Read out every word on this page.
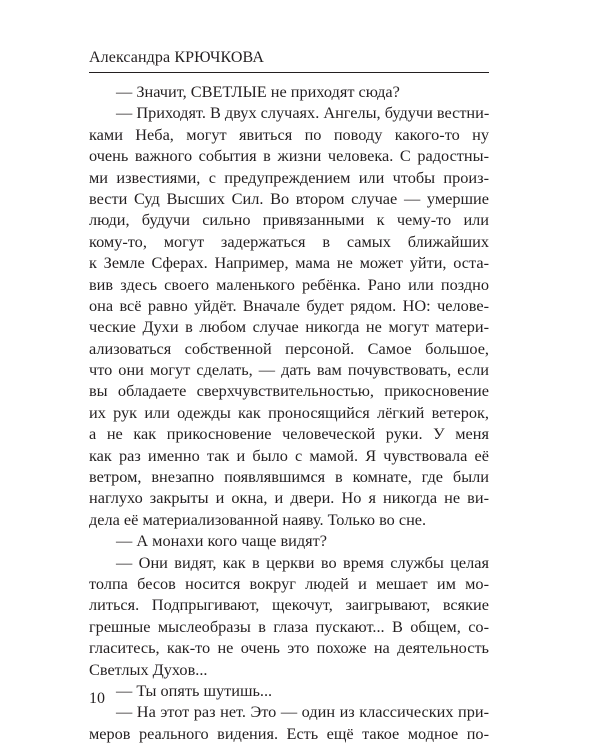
Александра КРЮЧКОВА
— Значит, СВЕТЛЫЕ не приходят сюда?
— Приходят. В двух случаях. Ангелы, будучи вестни-
ками Неба, могут явиться по поводу какого-то ну
очень важного события в жизни человека. С радостны-
ми известиями, с предупреждением или чтобы произ-
вести Суд Высших Сил. Во втором случае — умершие
люди, будучи сильно привязанными к чему-то или
кому-то, могут задержаться в самых ближайших
к Земле Сферах. Например, мама не может уйти, оста-
вив здесь своего маленького ребёнка. Рано или поздно
она всё равно уйдёт. Вначале будет рядом. НО: челове-
ческие Духи в любом случае никогда не могут матери-
ализоваться собственной персоной. Самое большое,
что они могут сделать, — дать вам почувствовать, если
вы обладаете сверхчувствительностью, прикосновение
их рук или одежды как проносящийся лёгкий ветерок,
а не как прикосновение человеческой руки. У меня
как раз именно так и было с мамой. Я чувствовала её
ветром, внезапно появлявшимся в комнате, где были
наглухо закрыты и окна, и двери. Но я никогда не ви-
дела её материализованной наяву. Только во сне.
— А монахи кого чаще видят?
— Они видят, как в церкви во время службы целая
толпа бесов носится вокруг людей и мешает им мо-
литься. Подпрыгивают, щекочут, заигрывают, всякие
грешные мыслеобразы в глаза пускают... В общем, со-
гласитесь, как-то не очень это похоже на деятельность
Светлых Духов...
— Ты опять шутишь...
— На этот раз нет. Это — один из классических при-
меров реального видения. Есть ещё такое модное по-
10
